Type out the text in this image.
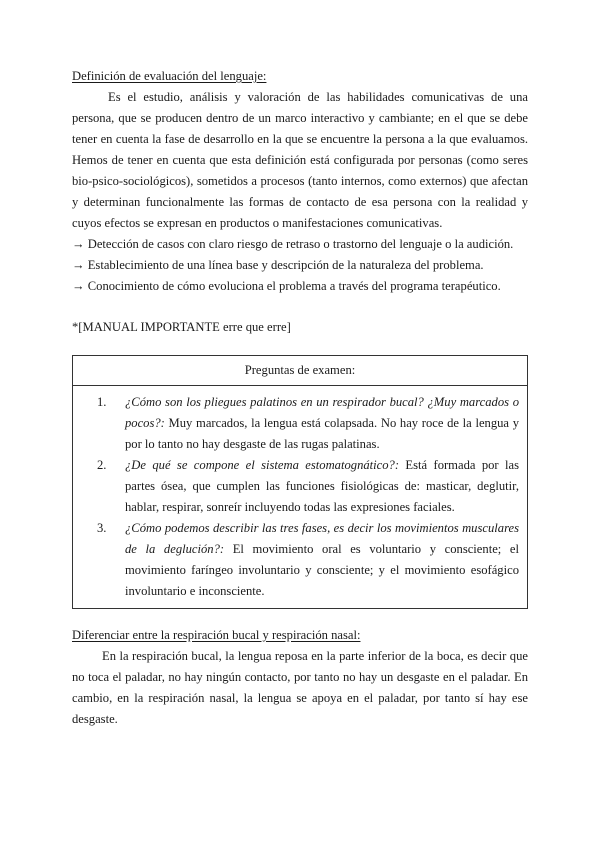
Definición de evaluación del lenguaje:

Es el estudio, análisis y valoración de las habilidades comunicativas de una persona, que se producen dentro de un marco interactivo y cambiante; en el que se debe tener en cuenta la fase de desarrollo en la que se encuentre la persona a la que evaluamos. Hemos de tener en cuenta que esta definición está configurada por personas (como seres bio-psico-sociológicos), sometidos a procesos (tanto internos, como externos) que afectan y determinan funcionalmente las formas de contacto de esa persona con la realidad y cuyos efectos se expresan en productos o manifestaciones comunicativas.

→ Detección de casos con claro riesgo de retraso o trastorno del lenguaje o la audición.

→ Establecimiento de una línea base y descripción de la naturaleza del problema.

→ Conocimiento de cómo evoluciona el problema a través del programa terapéutico.

*[MANUAL IMPORTANTE erre que erre]

Preguntas de examen:
1. ¿Cómo son los pliegues palatinos en un respirador bucal? ¿Muy marcados o pocos?: Muy marcados, la lengua está colapsada. No hay roce de la lengua y por lo tanto no hay desgaste de las rugas palatinas.
2. ¿De qué se compone el sistema estomatognático?: Está formada por las partes ósea, que cumplen las funciones fisiológicas de: masticar, deglutir, hablar, respirar, sonreír incluyendo todas las expresiones faciales.
3. ¿Cómo podemos describir las tres fases, es decir los movimientos musculares de la deglución?: El movimiento oral es voluntario y consciente; el movimiento faríngeo involuntario y consciente; y el movimiento esofágico involuntario e inconsciente.

Diferenciar entre la respiración bucal y respiración nasal:

En la respiración bucal, la lengua reposa en la parte inferior de la boca, es decir que no toca el paladar, no hay ningún contacto, por tanto no hay un desgaste en el paladar. En cambio, en la respiración nasal, la lengua se apoya en el paladar, por tanto sí hay ese desgaste.
